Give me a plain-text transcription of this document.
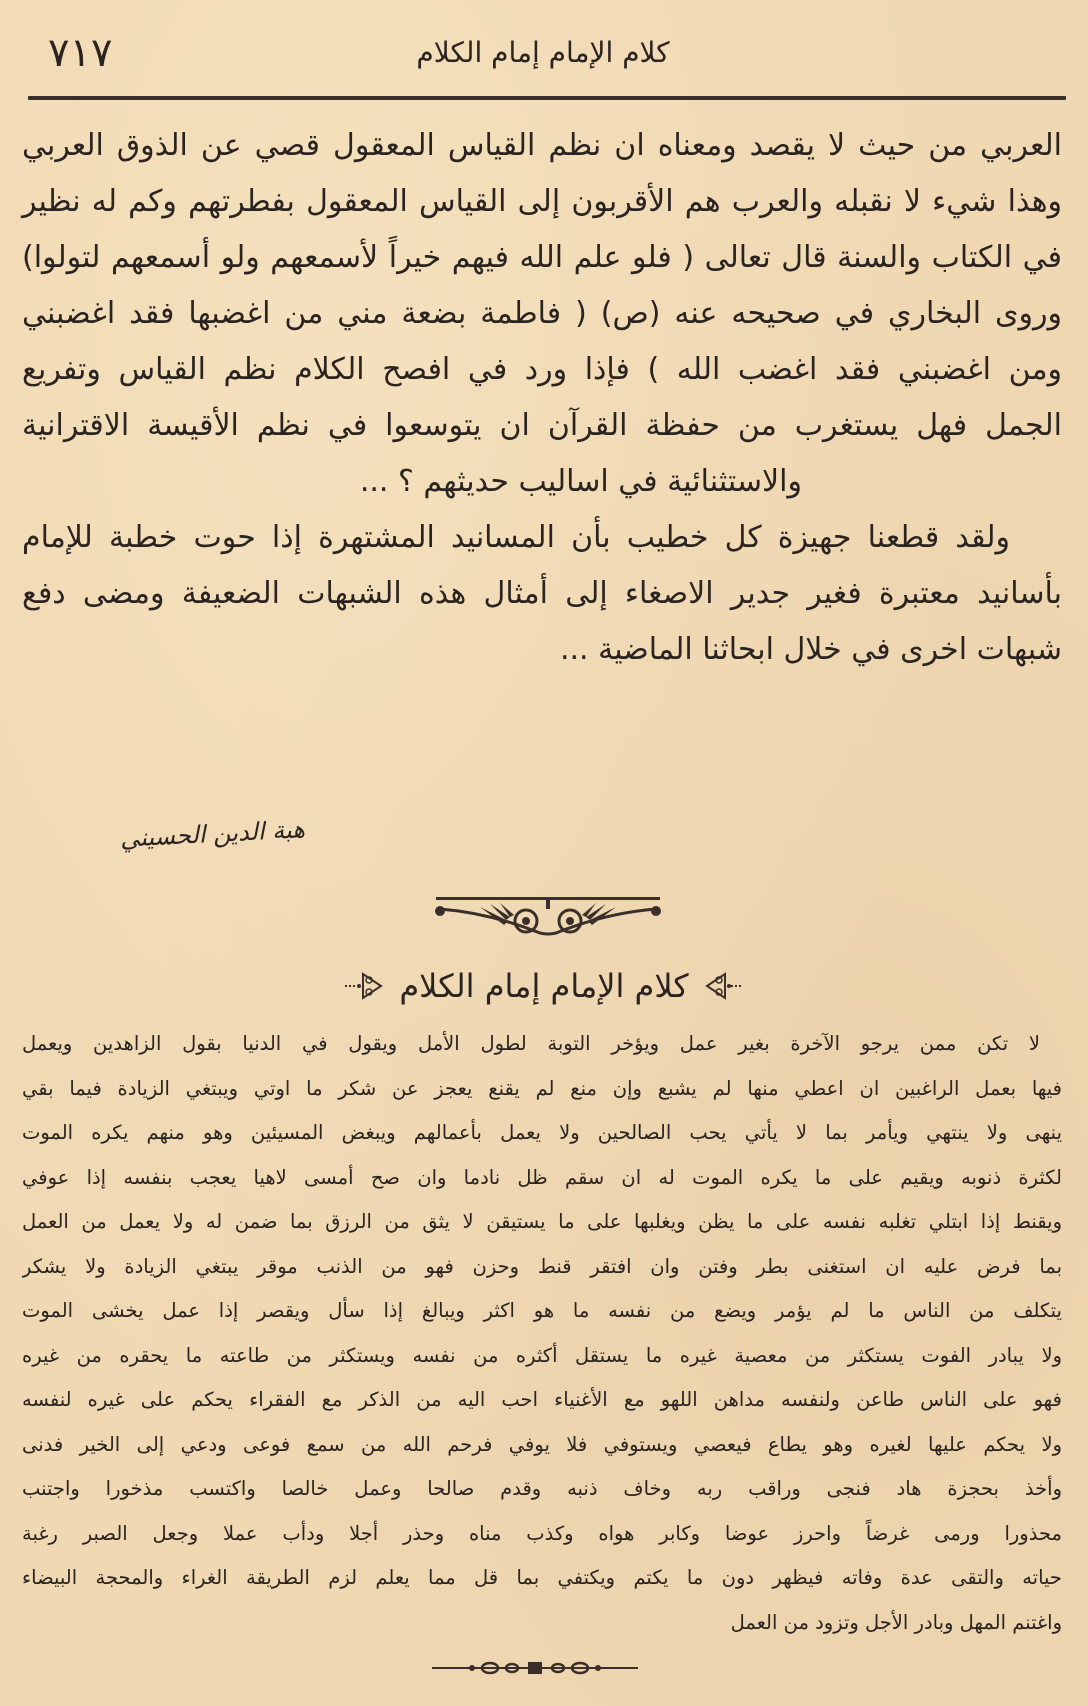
٧١٧	كلام الإمام إمام الكلام
العربي من حيث لا يقصد ومعناه ان نظم القياس المعقول قصي عن الذوق العربي
وهذا شيء لا نقبله والعرب هم الأقربون إلى القياس المعقول بفطرتهم وكم له نظير
في الكتاب والسنة قال تعالى ( فلو علم الله فيهم خيراً لأسمعهم ولو أسمعهم لتولوا)
وروى البخاري في صحيحه عنه (ص) ( فاطمة بضعة مني من اغضبها فقد اغضبني
ومن اغضبني فقد اغضب الله ) فإذا ورد في افصح الكلام نظم القياس وتفريع
الجمل فهل يستغرب من حفظة القرآن ان يتوسعوا في نظم الأقيسة الاقترانية
والاستثنائية في اساليب حديثهم ؟ ...
ولقد قطعنا جهيزة كل خطيب بأن المسانيد المشتهرة إذا حوت خطبة للإمام
بأسانيد معتبرة فغير جدير الاصغاء إلى أمثال هذه الشبهات الضعيفة ومضى دفع
شبهات اخرى في خلال ابحاثنا الماضية ...
هبة الدين الحسيني
كلام الإمام إمام الكلام
لا تكن ممن يرجو الآخرة بغير عمل ويؤخر التوبة لطول الأمل ويقول في الدنيا بقول الزاهدين ويعمل
فيها بعمل الراغبين ان اعطي منها لم يشبع وإن منع لم يقنع يعجز عن شكر ما اوتي ويبتغي الزيادة فيما بقي
ينهى ولا ينتهي ويأمر بما لا يأتي يحب الصالحين ولا يعمل بأعمالهم ويبغض المسيئين وهو منهم يكره الموت
لكثرة ذنوبه ويقيم على ما يكره الموت له ان سقم ظل نادما وان صح أمسى لاهيا يعجب بنفسه إذا عوفي
ويقنط إذا ابتلي تغلبه نفسه على ما يظن ويغلبها على ما يستيقن لا يثق من الرزق بما ضمن له ولا يعمل من العمل
بما فرض عليه ان استغنى بطر وفتن وان افتقر قنط وحزن فهو من الذنب موقر يبتغي الزيادة ولا يشكر
يتكلف من الناس ما لم يؤمر ويضع من نفسه ما هو اكثر ويبالغ إذا سأل ويقصر إذا عمل يخشى الموت
ولا يبادر الفوت يستكثر من معصية غيره ما يستقل أكثره من نفسه ويستكثر من طاعته ما يحقره من غيره
فهو على الناس طاعن ولنفسه مداهن اللهو مع الأغنياء احب اليه من الذكر مع الفقراء يحكم على غيره لنفسه
ولا يحكم عليها لغيره وهو يطاع فيعصي ويستوفي فلا يوفي فرحم الله من سمع فوعى ودعي إلى الخير فدنى
وأخذ بحجزة هاد فنجى وراقب ربه وخاف ذنبه وقدم صالحا وعمل خالصا واكتسب مذخورا واجتنب
محذورا ورمى غرضاً واحرز عوضا وكابر هواه وكذب مناه وحذر أجلا ودأب عملا وجعل الصبر رغبة
حياته والتقى عدة وفاته فيظهر دون ما يكتم ويكتفي بما قل مما يعلم لزم الطريقة الغراء والمحجة البيضاء
واغتنم المهل وبادر الأجل وتزود من العمل
